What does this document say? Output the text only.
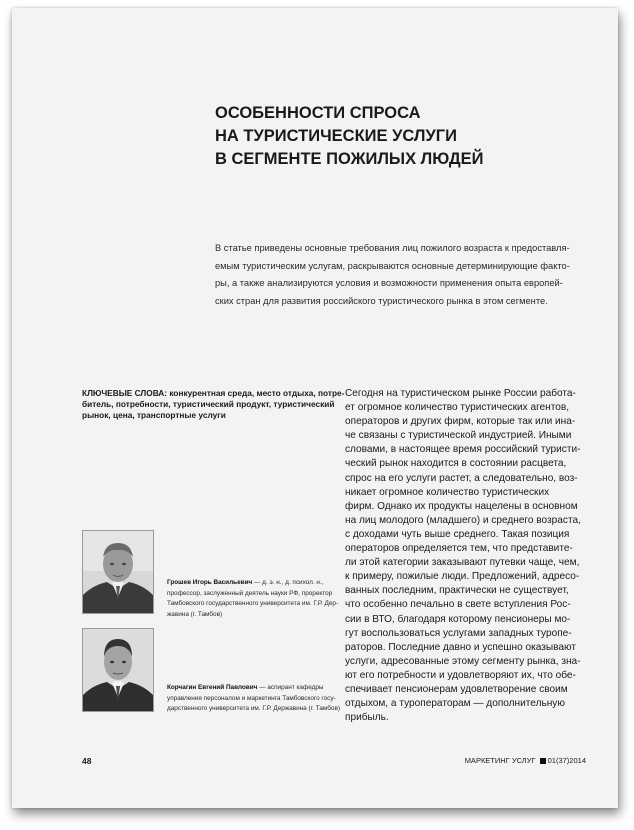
ОСОБЕННОСТИ СПРОСА
НА ТУРИСТИЧЕСКИЕ УСЛУГИ
В СЕГМЕНТЕ ПОЖИЛЫХ ЛЮДЕЙ
В статье приведены основные требования лиц пожилого возраста к предоставля-
емым туристическим услугам, раскрываются основные детерминирующие факто-
ры, а также анализируются условия и возможности применения опыта европей-
ских стран для развития российского туристического рынка в этом сегменте.
КЛЮЧЕВЫЕ СЛОВА: конкурентная среда, место отдыха, потре-
битель, потребности, туристический продукт, туристический
рынок, цена, транспортные услуги
Грошев Игорь Васильевич — д. э. н., д. психол. н.,
профессор, заслуженный деятель науки РФ, проректор
Тамбовского государственного университета им. Г.Р. Дер-
жавина (г. Тамбов)
Корчагин Евгений Павлович — аспирант кафедры
управления персоналом и маркетинга Тамбовского госу-
дарственного университета им. Г.Р. Державина (г. Тамбов)
Сегодня на туристическом рынке России работа-
ет огромное количество туристических агентов,
операторов и других фирм, которые так или ина-
че связаны с туристической индустрией. Иными
словами, в настоящее время российский туристи-
ческий рынок находится в состоянии расцвета,
спрос на его услуги растет, а следовательно, воз-
никает огромное количество туристических
фирм. Однако их продукты нацелены в основном
на лиц молодого (младшего) и среднего возраста,
с доходами чуть выше среднего. Такая позиция
операторов определяется тем, что представите-
ли этой категории заказывают путевки чаще, чем,
к примеру, пожилые люди. Предложений, адресо-
ванных последним, практически не существует,
что особенно печально в свете вступления Рос-
сии в ВТО, благодаря которому пенсионеры мо-
гут воспользоваться услугами западных туропе-
раторов. Последние давно и успешно оказывают
услуги, адресованные этому сегменту рынка, зна-
ют его потребности и удовлетворяют их, что обе-
спечивает пенсионерам удовлетворение своим
отдыхом, а туроператорам — дополнительную
прибыль.
48	МАРКЕТИНГ УСЛУГ 01(37)2014
